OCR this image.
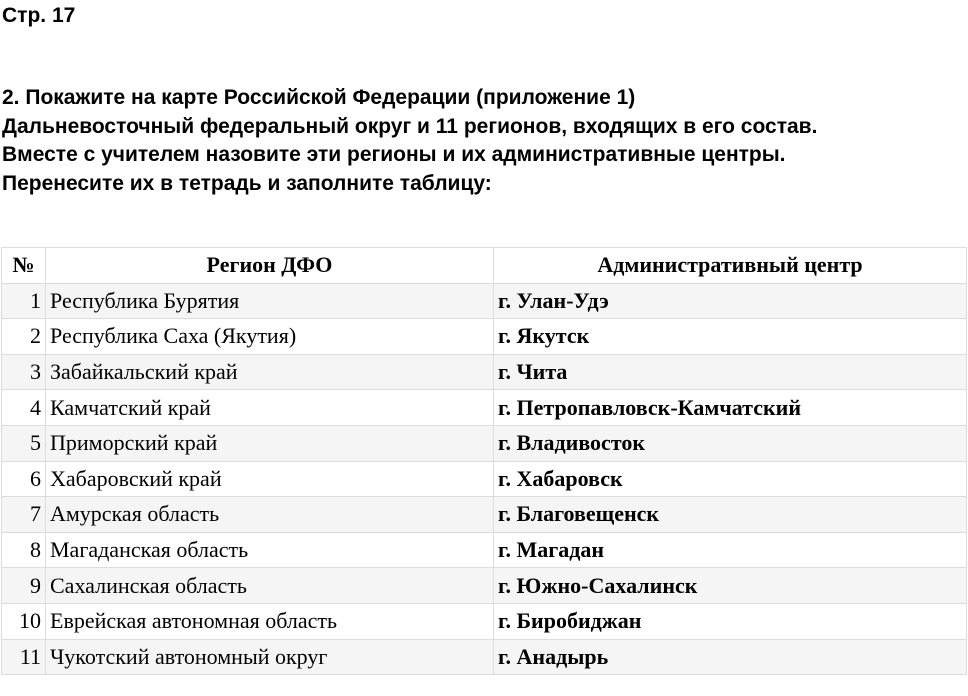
Стр. 17
2. Покажите на карте Российской Федерации (приложение 1)
Дальневосточный федеральный округ и 11 регионов, входящих в его состав.
Вместе с учителем назовите эти регионы и их административные центры.
Перенесите их в тетрадь и заполните таблицу:
№	Регион ДФО	Административный центр
1	Республика Бурятия	г. Улан-Удэ
2	Республика Саха (Якутия)	г. Якутск
3	Забайкальский край	г. Чита
4	Камчатский край	г. Петропавловск-Камчатский
5	Приморский край	г. Владивосток
6	Хабаровский край	г. Хабаровск
7	Амурская область	г. Благовещенск
8	Магаданская область	г. Магадан
9	Сахалинская область	г. Южно-Сахалинск
10	Еврейская автономная область	г. Биробиджан
11	Чукотский автономный округ	г. Анадырь
